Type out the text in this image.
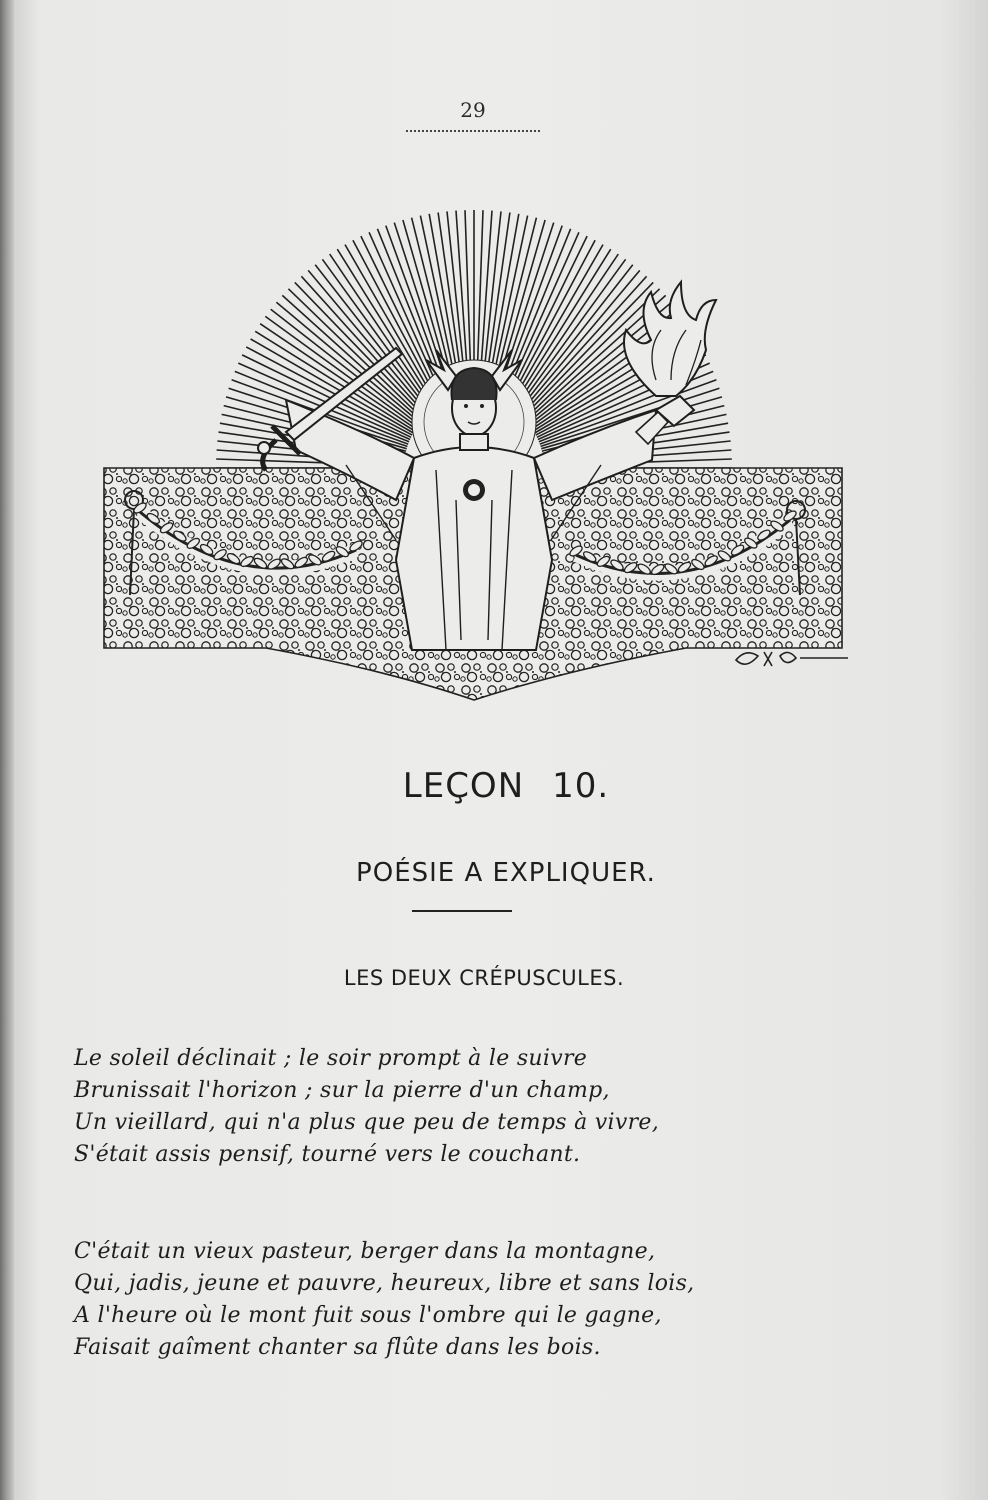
29
LEÇON 10.
POÉSIE A EXPLIQUER.
LES DEUX CRÉPUSCULES.
Le soleil déclinait ; le soir prompt à le suivre
Brunissait l'horizon ; sur la pierre d'un champ,
Un vieillard, qui n'a plus que peu de temps à vivre,
S'était assis pensif, tourné vers le couchant.
C'était un vieux pasteur, berger dans la montagne,
Qui, jadis, jeune et pauvre, heureux, libre et sans lois,
A l'heure où le mont fuit sous l'ombre qui le gagne,
Faisait gaîment chanter sa flûte dans les bois.
